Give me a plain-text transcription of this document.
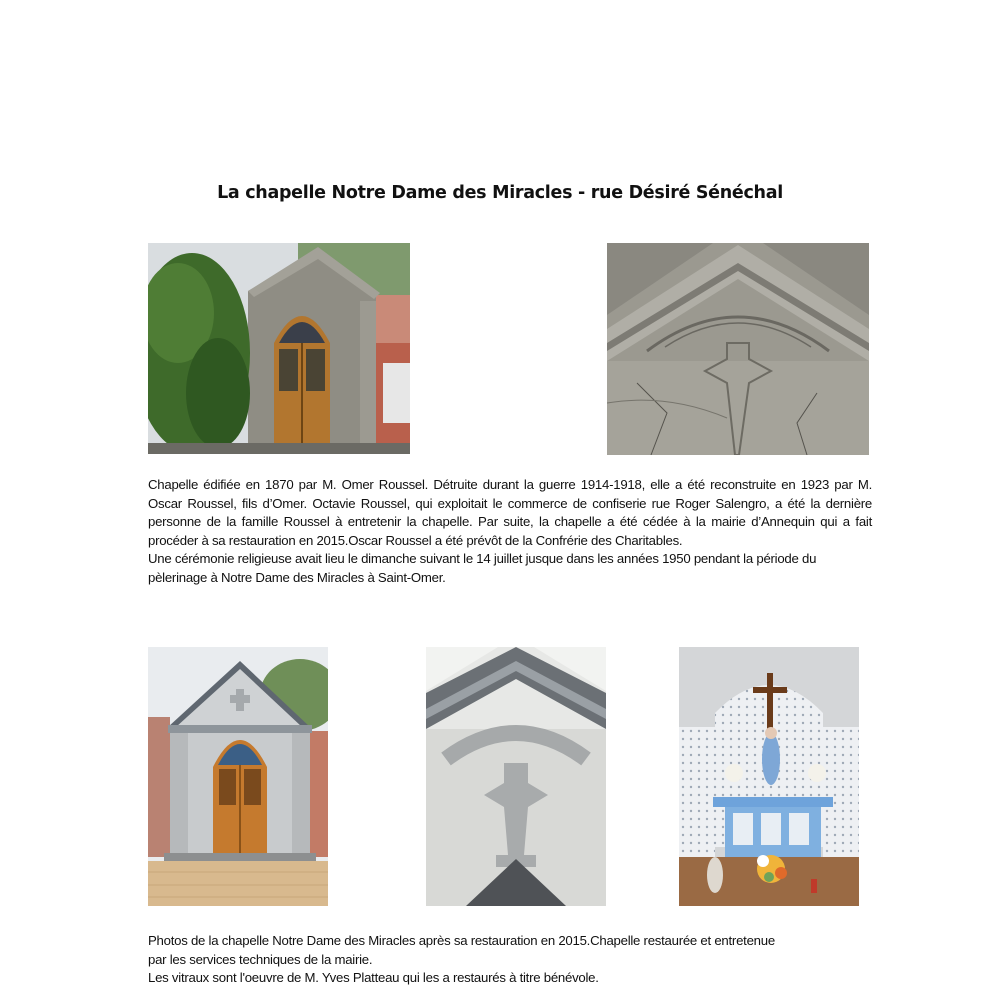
La chapelle Notre Dame des Miracles - rue Désiré Sénéchal

Chapelle édifiée en 1870 par M. Omer Roussel. Détruite durant la guerre 1914-1918, elle a été reconstruite en 1923 par M. Oscar Roussel, fils d’Omer. Octavie Roussel, qui exploitait le commerce de confiserie rue Roger Salengro, a été la dernière personne de la famille Roussel à entretenir la chapelle. Par suite, la chapelle a été cédée à la mairie d’Annequin qui a fait procéder à sa restauration en 2015.Oscar Roussel a été prévôt de la Confrérie des Charitables.

Une cérémonie religieuse avait lieu le dimanche suivant le 14 juillet jusque dans les années 1950 pendant la période du pèlerinage à Notre Dame des Miracles à Saint-Omer.

Photos de la chapelle Notre Dame des Miracles après sa restauration en 2015.Chapelle restaurée et entretenue

par les services techniques de la mairie.

Les vitraux sont l'oeuvre de M. Yves Platteau qui les a restaurés à titre bénévole.
